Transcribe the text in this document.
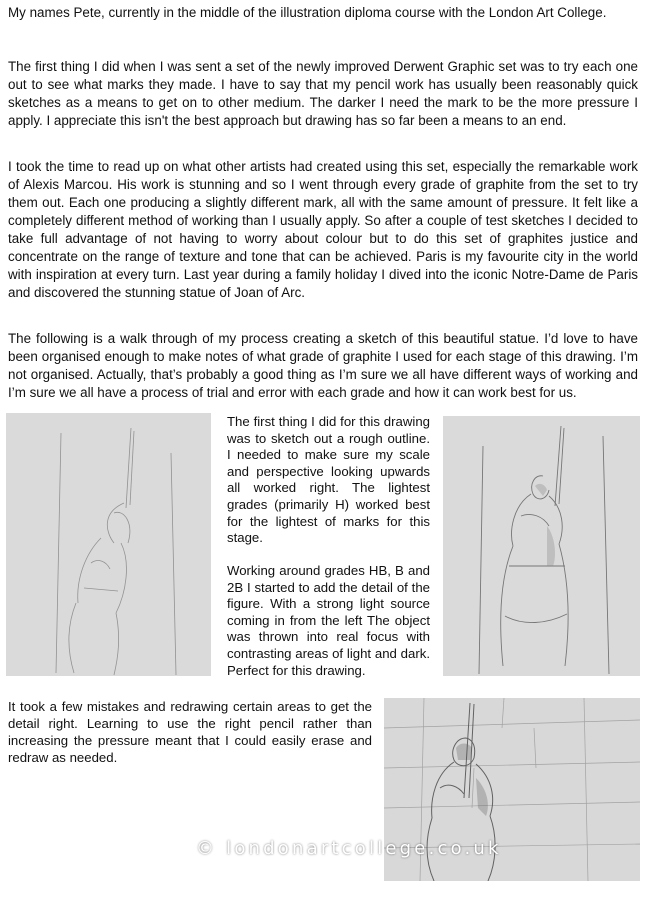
My names Pete, currently in the middle of the illustration diploma course with the London Art College.

The first thing I did when I was sent a set of the newly improved Derwent Graphic set was to try each one out to see what marks they made. I have to say that my pencil work has usually been reasonably quick sketches as a means to get on to other medium. The darker I need the mark to be the more pressure I apply. I appreciate this isn't the best approach but drawing has so far been a means to an end.

I took the time to read up on what other artists had created using this set, especially the remarkable work of Alexis Marcou. His work is stunning and so I went through every grade of graphite from the set to try them out. Each one producing a slightly different mark, all with the same amount of pressure. It felt like a completely different method of working than I usually apply. So after a couple of test sketches I decided to take full advantage of not having to worry about colour but to do this set of graphites justice and concentrate on the range of texture and tone that can be achieved. Paris is my favourite city in the world with inspiration at every turn. Last year during a family holiday I dived into the iconic Notre-Dame de Paris and discovered the stunning statue of Joan of Arc.

The following is a walk through of my process creating a sketch of this beautiful statue. I’d love to have been organised enough to make notes of what grade of graphite I used for each stage of this drawing. I’m not organised. Actually, that’s probably a good thing as I’m sure we all have different ways of working and I’m sure we all have a process of trial and error with each grade and how it can work best for us.

The first thing I did for this drawing was to sketch out a rough outline. I needed to make sure my scale and perspective looking upwards all worked right. The lightest grades (primarily H) worked best for the lightest of marks for this stage.

Working around grades HB, B and 2B I started to add the detail of the figure. With a strong light source coming in from the left The object was thrown into real focus with contrasting areas of light and dark. Perfect for this drawing.

It took a few mistakes and redrawing certain areas to get the detail right. Learning to use the right pencil rather than increasing the pressure meant that I could easily erase and redraw as needed.

© londonartcollege.co.uk
